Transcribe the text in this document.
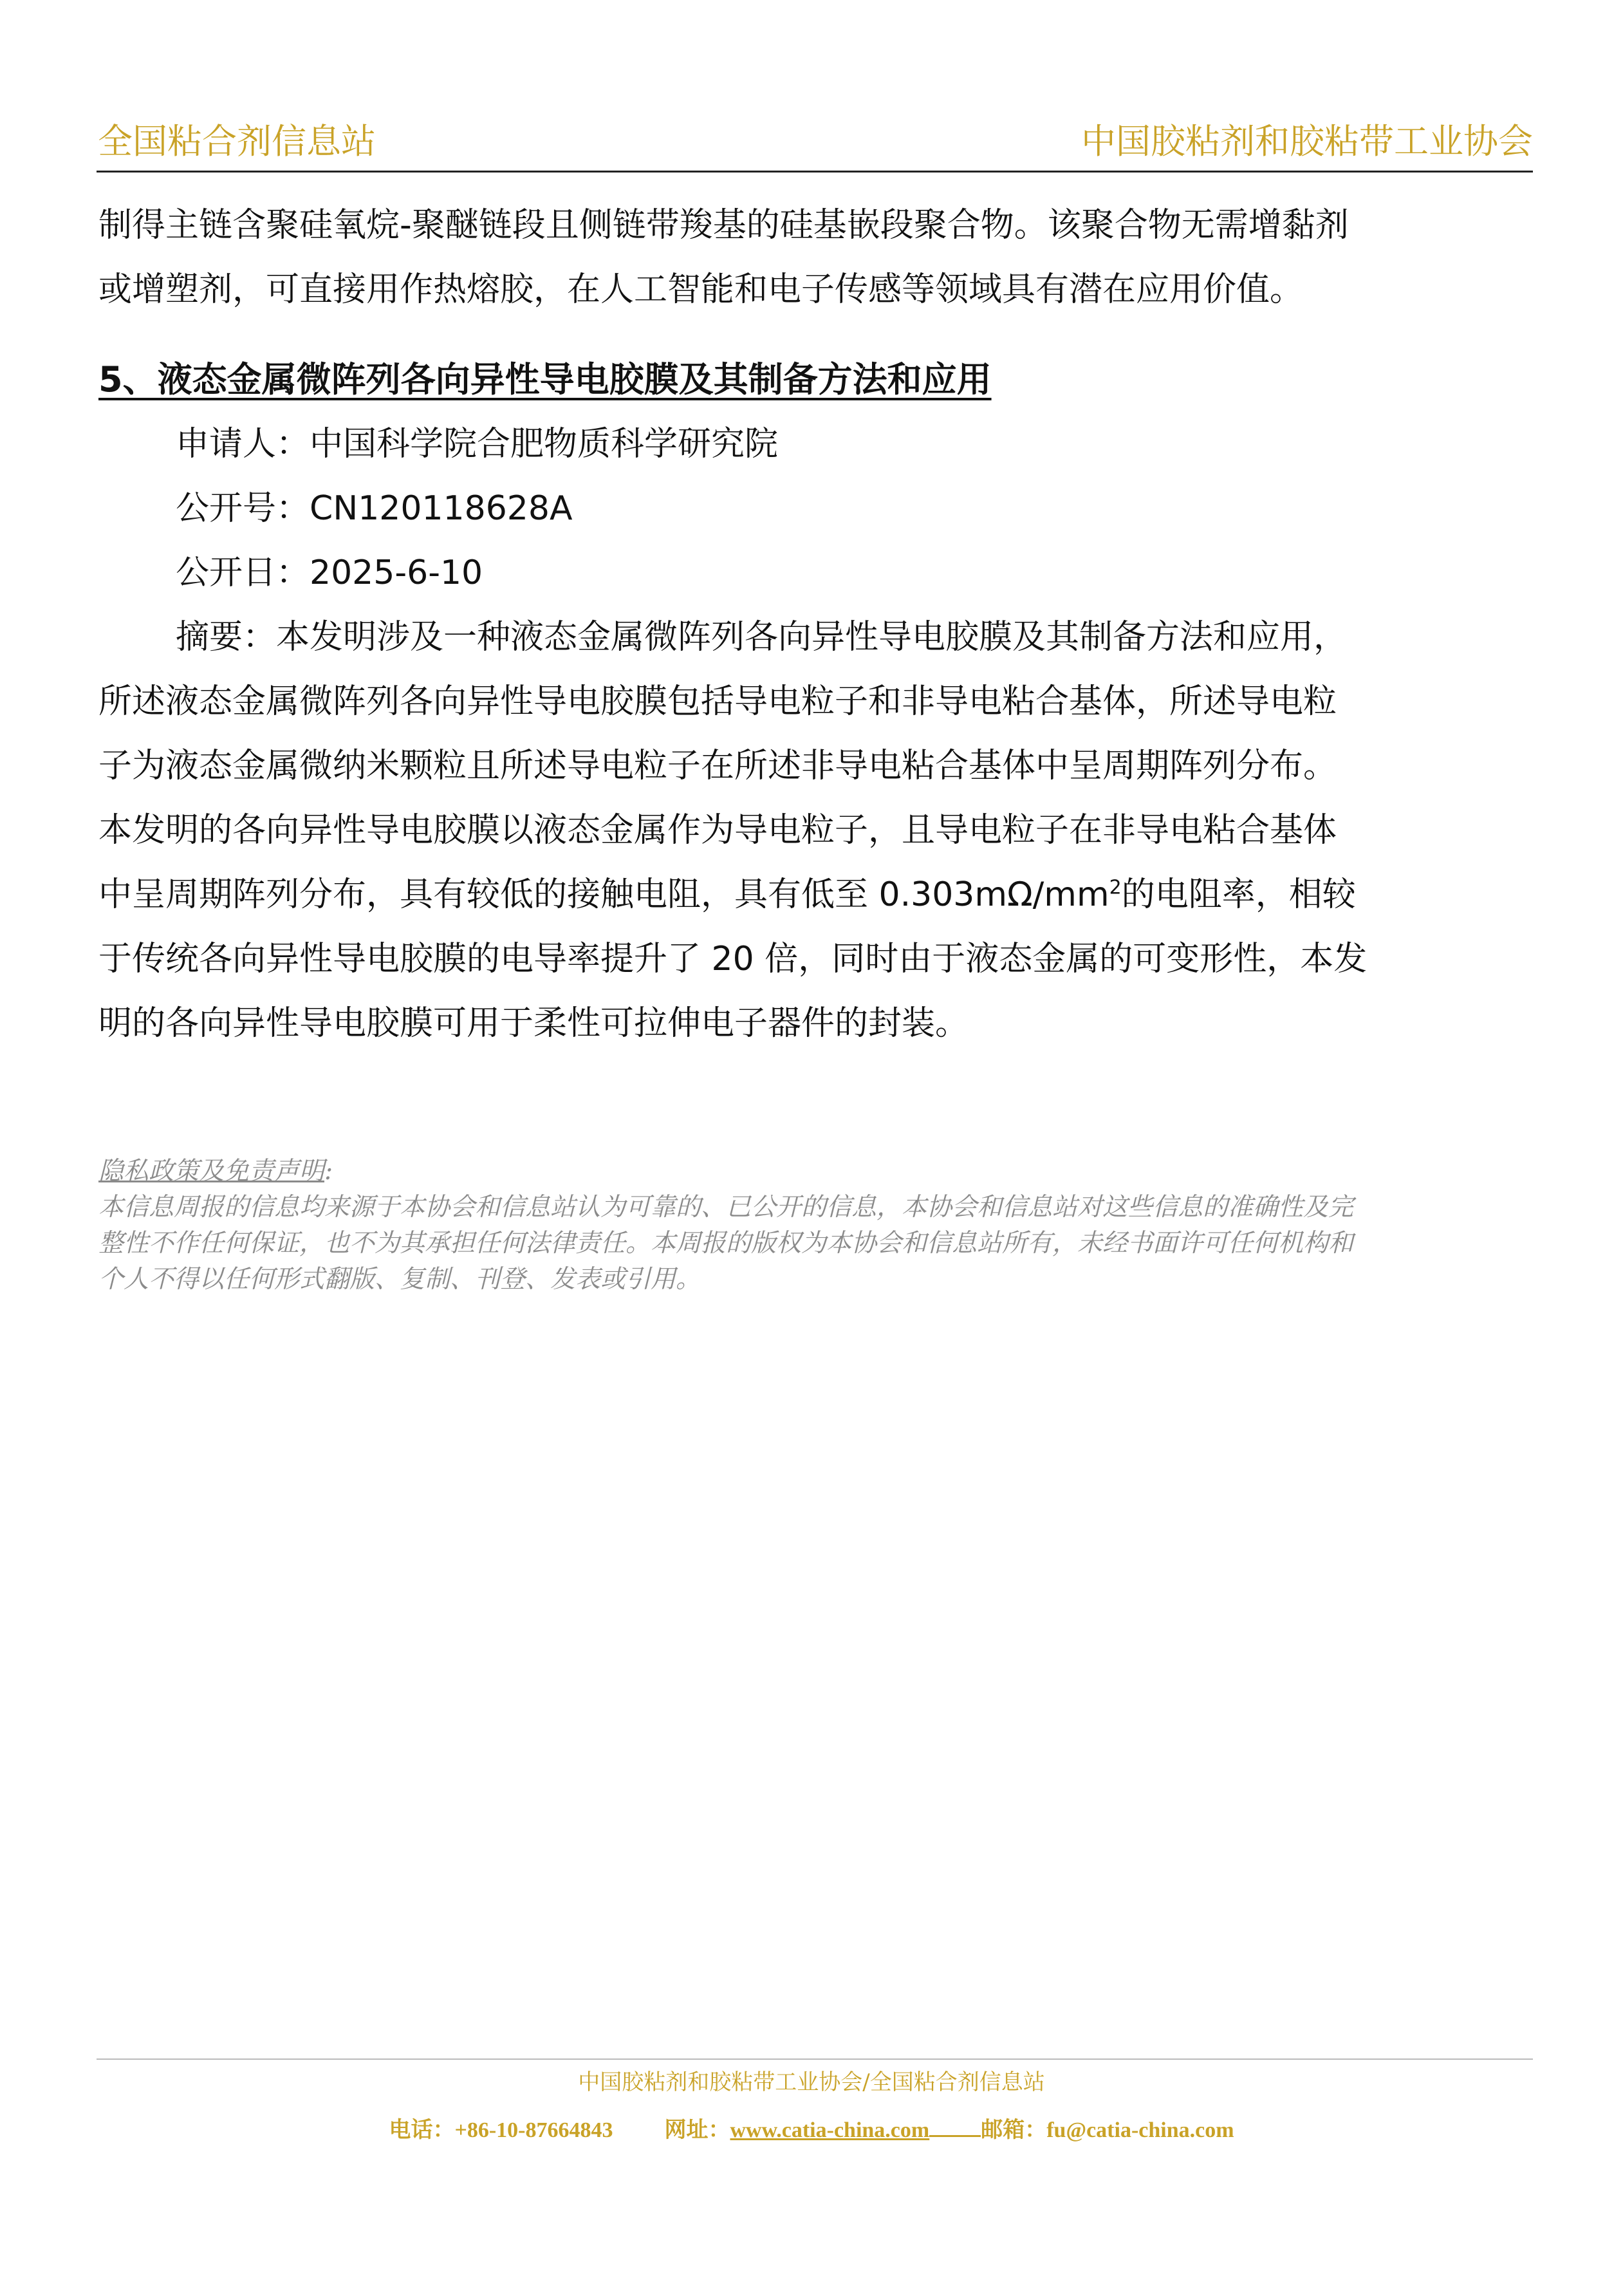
全国粘合剂信息站	中国胶粘剂和胶粘带工业协会
制得主链含聚硅氧烷-聚醚链段且侧链带羧基的硅基嵌段聚合物。该聚合物无需增黏剂
或增塑剂，可直接用作热熔胶，在人工智能和电子传感等领域具有潜在应用价值。
5、液态金属微阵列各向异性导电胶膜及其制备方法和应用
申请人：中国科学院合肥物质科学研究院
公开号：CN120118628A
公开日：2025-6-10
摘要：本发明涉及一种液态金属微阵列各向异性导电胶膜及其制备方法和应用，
所述液态金属微阵列各向异性导电胶膜包括导电粒子和非导电粘合基体，所述导电粒
子为液态金属微纳米颗粒且所述导电粒子在所述非导电粘合基体中呈周期阵列分布。
本发明的各向异性导电胶膜以液态金属作为导电粒子，且导电粒子在非导电粘合基体
中呈周期阵列分布，具有较低的接触电阻，具有低至 $0.303m\Omega/mm^2$的电阻率，相较
于传统各向异性导电胶膜的电导率提升了 20 倍，同时由于液态金属的可变形性，本发
明的各向异性导电胶膜可用于柔性可拉伸电子器件的封装。
隐私政策及免责声明:
本信息周报的信息均来源于本协会和信息站认为可靠的、已公开的信息，本协会和信息站对这些信息的准确性及完
整性不作任何保证，也不为其承担任何法律责任。本周报的版权为本协会和信息站所有，未经书面许可任何机构和
个人不得以任何形式翻版、复制、刊登、发表或引用。
中国胶粘剂和胶粘带工业协会/全国粘合剂信息站
电话：+86-10-87664843 网址：www.catia-china.com 邮箱：fu@catia-china.com
